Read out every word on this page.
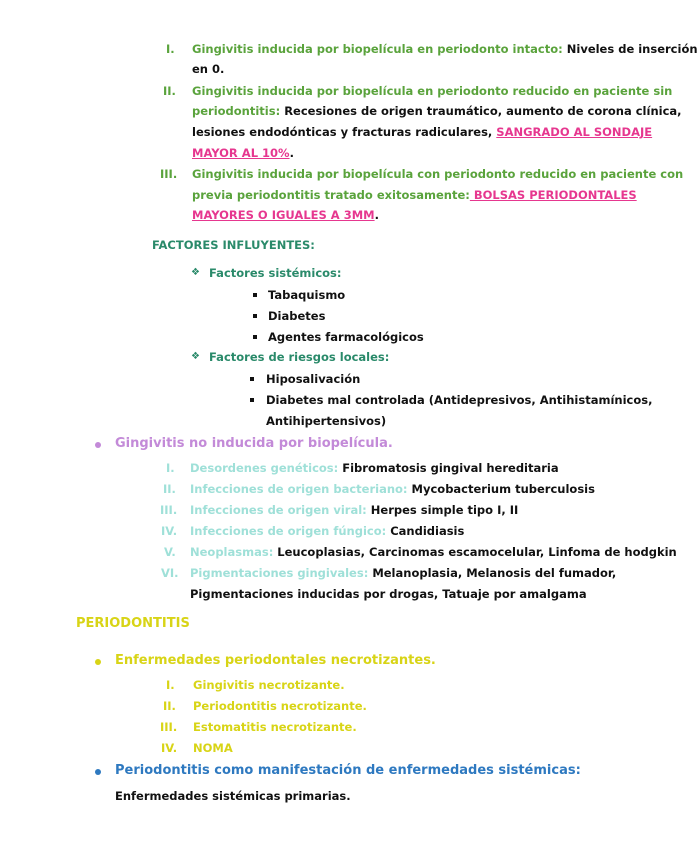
I. Gingivitis inducida por biopelícula en periodonto intacto: Niveles de inserción
en 0.
II. Gingivitis inducida por biopelícula en periodonto reducido en paciente sin
periodontitis: Recesiones de origen traumático, aumento de corona clínica,
lesiones endodónticas y fracturas radiculares, SANGRADO AL SONDAJE
MAYOR AL 10%.
III. Gingivitis inducida por biopelícula con periodonto reducido en paciente con
previa periodontitis tratado exitosamente: BOLSAS PERIODONTALES
MAYORES O IGUALES A 3MM.
FACTORES INFLUYENTES:
❖ Factores sistémicos:
Tabaquismo
Diabetes
Agentes farmacológicos
❖ Factores de riesgos locales:
Hiposalivación
Diabetes mal controlada (Antidepresivos, Antihistamínicos,
Antihipertensivos)
Gingivitis no inducida por biopelícula.
I. Desordenes genéticos: Fibromatosis gingival hereditaria
II. Infecciones de origen bacteriano: Mycobacterium tuberculosis
III. Infecciones de origen viral: Herpes simple tipo I, II
IV. Infecciones de origen fúngico: Candidiasis
V. Neoplasmas: Leucoplasias, Carcinomas escamocelular, Linfoma de hodgkin
VI. Pigmentaciones gingivales: Melanoplasia, Melanosis del fumador,
Pigmentaciones inducidas por drogas, Tatuaje por amalgama
PERIODONTITIS
Enfermedades periodontales necrotizantes.
I. Gingivitis necrotizante.
II. Periodontitis necrotizante.
III. Estomatitis necrotizante.
IV. NOMA
Periodontitis como manifestación de enfermedades sistémicas:
Enfermedades sistémicas primarias.
